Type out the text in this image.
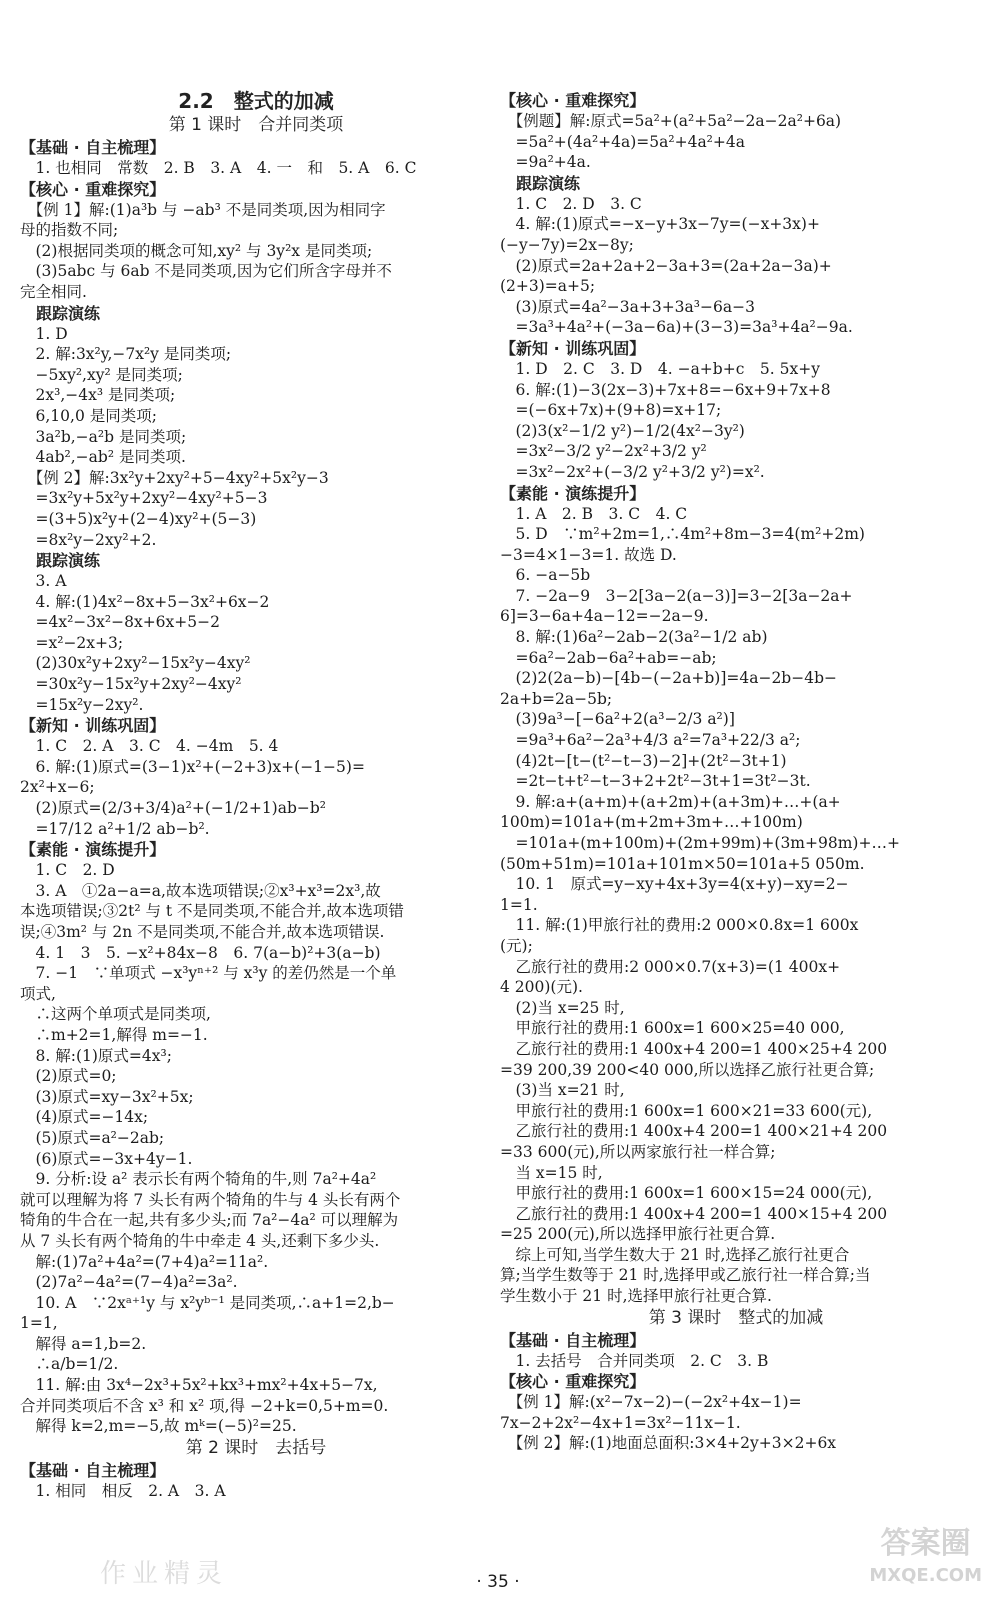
2.2　整式的加减
第 1 课时　合并同类项
【基础 · 自主梳理】
　1. 也相同　常数　2. B　3. A　4. 一　和　5. A　6. C
【核心 · 重难探究】
　【例 1】解:(1)a³b 与 −ab³ 不是同类项,因为相同字
母的指数不同;
　(2)根据同类项的概念可知,xy² 与 3y²x 是同类项;
　(3)5abc 与 6ab 不是同类项,因为它们所含字母并不
完全相同.
　跟踪演练
　1. D
　2. 解:3x²y,−7x²y 是同类项;
　−5xy²,xy² 是同类项;
　2x³,−4x³ 是同类项;
　6,10,0 是同类项;
　3a²b,−a²b 是同类项;
　4ab²,−ab² 是同类项.
　【例 2】解:3x²y+2xy²+5−4xy²+5x²y−3
　=3x²y+5x²y+2xy²−4xy²+5−3
　=(3+5)x²y+(2−4)xy²+(5−3)
　=8x²y−2xy²+2.
　跟踪演练
　3. A
　4. 解:(1)4x²−8x+5−3x²+6x−2
　=4x²−3x²−8x+6x+5−2
　=x²−2x+3;
　(2)30x²y+2xy²−15x²y−4xy²
　=30x²y−15x²y+2xy²−4xy²
　=15x²y−2xy².
【新知 · 训练巩固】
　1. C　2. A　3. C　4. −4m　5. 4
　6. 解:(1)原式=(3−1)x²+(−2+3)x+(−1−5)=
2x²+x−6;
　(2)原式=(2/3+3/4)a²+(−1/2+1)ab−b²
　=17/12 a²+1/2 ab−b².
【素能 · 演练提升】
　1. C　2. D
　3. A　①2a−a=a,故本选项错误;②x³+x³=2x³,故
本选项错误;③2t² 与 t 不是同类项,不能合并,故本选项错
误;④3m² 与 2n 不是同类项,不能合并,故本选项错误.
　4. 1　3　5. −x²+84x−8　6. 7(a−b)²+3(a−b)
　7. −1　∵单项式 −x³yⁿ⁺² 与 x³y 的差仍然是一个单
项式,
　∴这两个单项式是同类项,
　∴m+2=1,解得 m=−1.
　8. 解:(1)原式=4x³;
　(2)原式=0;
　(3)原式=xy−3x²+5x;
　(4)原式=−14x;
　(5)原式=a²−2ab;
　(6)原式=−3x+4y−1.
　9. 分析:设 a² 表示长有两个犄角的牛,则 7a²+4a²
就可以理解为将 7 头长有两个犄角的牛与 4 头长有两个
犄角的牛合在一起,共有多少头;而 7a²−4a² 可以理解为
从 7 头长有两个犄角的牛中牵走 4 头,还剩下多少头.
　解:(1)7a²+4a²=(7+4)a²=11a².
　(2)7a²−4a²=(7−4)a²=3a².
　10. A　∵2xᵃ⁺¹y 与 x²yᵇ⁻¹ 是同类项,∴a+1=2,b−
1=1,
　解得 a=1,b=2.
　∴a/b=1/2.
　11. 解:由 3x⁴−2x³+5x²+kx³+mx²+4x+5−7x,
合并同类项后不含 x³ 和 x² 项,得 −2+k=0,5+m=0.
　解得 k=2,m=−5,故 mᵏ=(−5)²=25.
第 2 课时　去括号
【基础 · 自主梳理】
　1. 相同　相反　2. A　3. A
【核心 · 重难探究】
　【例题】解:原式=5a²+(a²+5a²−2a−2a²+6a)
　=5a²+(4a²+4a)=5a²+4a²+4a
　=9a²+4a.
　跟踪演练
　1. C　2. D　3. C
　4. 解:(1)原式=−x−y+3x−7y=(−x+3x)+
(−y−7y)=2x−8y;
　(2)原式=2a+2a+2−3a+3=(2a+2a−3a)+
(2+3)=a+5;
　(3)原式=4a²−3a+3+3a³−6a−3
　=3a³+4a²+(−3a−6a)+(3−3)=3a³+4a²−9a.
【新知 · 训练巩固】
　1. D　2. C　3. D　4. −a+b+c　5. 5x+y
　6. 解:(1)−3(2x−3)+7x+8=−6x+9+7x+8
　=(−6x+7x)+(9+8)=x+17;
　(2)3(x²−1/2 y²)−1/2(4x²−3y²)
　=3x²−3/2 y²−2x²+3/2 y²
　=3x²−2x²+(−3/2 y²+3/2 y²)=x².
【素能 · 演练提升】
　1. A　2. B　3. C　4. C
　5. D　∵m²+2m=1,∴4m²+8m−3=4(m²+2m)
−3=4×1−3=1. 故选 D.
　6. −a−5b
　7. −2a−9　3−2[3a−2(a−3)]=3−2[3a−2a+
6]=3−6a+4a−12=−2a−9.
　8. 解:(1)6a²−2ab−2(3a²−1/2 ab)
　=6a²−2ab−6a²+ab=−ab;
　(2)2(2a−b)−[4b−(−2a+b)]=4a−2b−4b−
2a+b=2a−5b;
　(3)9a³−[−6a²+2(a³−2/3 a²)]
　=9a³+6a²−2a³+4/3 a²=7a³+22/3 a²;
　(4)2t−[t−(t²−t−3)−2]+(2t²−3t+1)
　=2t−t+t²−t−3+2+2t²−3t+1=3t²−3t.
　9. 解:a+(a+m)+(a+2m)+(a+3m)+…+(a+
100m)=101a+(m+2m+3m+…+100m)
　=101a+(m+100m)+(2m+99m)+(3m+98m)+…+
(50m+51m)=101a+101m×50=101a+5 050m.
　10. 1　原式=y−xy+4x+3y=4(x+y)−xy=2−
1=1.
　11. 解:(1)甲旅行社的费用:2 000×0.8x=1 600x
(元);
　乙旅行社的费用:2 000×0.7(x+3)=(1 400x+
4 200)(元).
　(2)当 x=25 时,
　甲旅行社的费用:1 600x=1 600×25=40 000,
　乙旅行社的费用:1 400x+4 200=1 400×25+4 200
=39 200,39 200<40 000,所以选择乙旅行社更合算;
　(3)当 x=21 时,
　甲旅行社的费用:1 600x=1 600×21=33 600(元),
　乙旅行社的费用:1 400x+4 200=1 400×21+4 200
=33 600(元),所以两家旅行社一样合算;
　当 x=15 时,
　甲旅行社的费用:1 600x=1 600×15=24 000(元),
　乙旅行社的费用:1 400x+4 200=1 400×15+4 200
=25 200(元),所以选择甲旅行社更合算.
　综上可知,当学生数大于 21 时,选择乙旅行社更合
算;当学生数等于 21 时,选择甲或乙旅行社一样合算;当
学生数小于 21 时,选择甲旅行社更合算.
第 3 课时　整式的加减
【基础 · 自主梳理】
　1. 去括号　合并同类项　2. C　3. B
【核心 · 重难探究】
　【例 1】解:(x²−7x−2)−(−2x²+4x−1)=
7x−2+2x²−4x+1=3x²−11x−1.
　【例 2】解:(1)地面总面积:3×4+2y+3×2+6x
· 35 ·
作业精灵
答案圈
MXQE.COM
